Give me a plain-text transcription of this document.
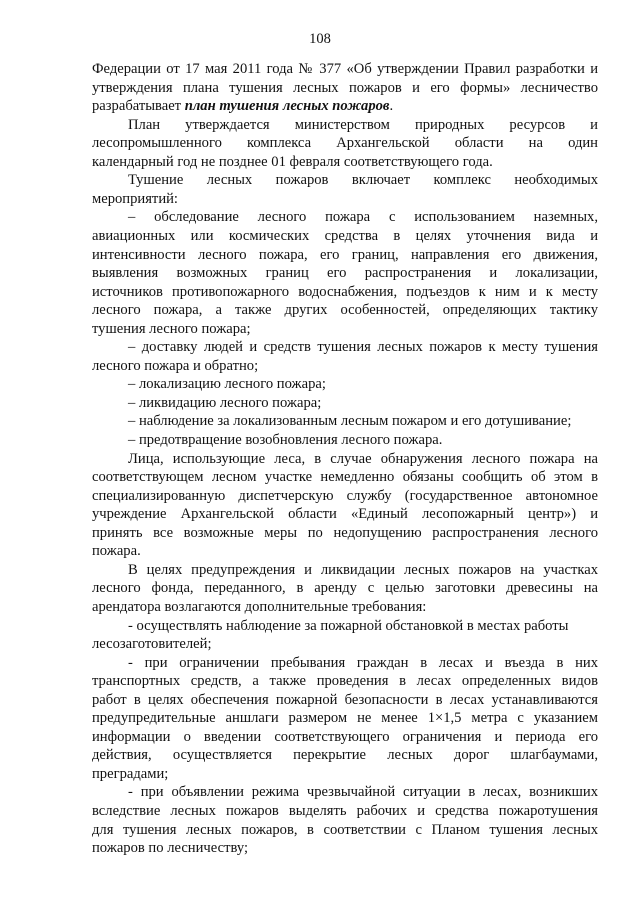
108
Федерации от 17 мая 2011 года № 377 «Об утверждении Правил разработки и
утверждения плана тушения лесных пожаров и его формы» лесничество
разрабатывает план тушения лесных пожаров.
План утверждается министерством природных ресурсов и
лесопромышленного комплекса Архангельской области на один
календарный год не позднее 01 февраля соответствующего года.
Тушение лесных пожаров включает комплекс необходимых
мероприятий:
– обследование лесного пожара с использованием наземных,
авиационных или космических средства в целях уточнения вида и
интенсивности лесного пожара, его границ, направления его движения,
выявления возможных границ его распространения и локализации,
источников противопожарного водоснабжения, подъездов к ним и к месту
лесного пожара, а также других особенностей, определяющих тактику
тушения лесного пожара;
– доставку людей и средств тушения лесных пожаров к месту тушения
лесного пожара и обратно;
– локализацию лесного пожара;
– ликвидацию лесного пожара;
– наблюдение за локализованным лесным пожаром и его дотушивание;
– предотвращение возобновления лесного пожара.
Лица, использующие леса, в случае обнаружения лесного пожара на
соответствующем лесном участке немедленно обязаны сообщить об этом в
специализированную диспетчерскую службу (государственное автономное
учреждение Архангельской области «Единый лесопожарный центр») и
принять все возможные меры по недопущению распространения лесного
пожара.
В целях предупреждения и ликвидации лесных пожаров на участках
лесного фонда, переданного, в аренду с целью заготовки древесины на
арендатора возлагаются дополнительные требования:
- осуществлять наблюдение за пожарной обстановкой в местах работы
лесозаготовителей;
- при ограничении пребывания граждан в лесах и въезда в них
транспортных средств, а также проведения в лесах определенных видов
работ в целях обеспечения пожарной безопасности в лесах устанавливаются
предупредительные аншлаги размером не менее 1×1,5 метра с указанием
информации о введении соответствующего ограничения и периода его
действия, осуществляется перекрытие лесных дорог шлагбаумами,
преградами;
- при объявлении режима чрезвычайной ситуации в лесах, возникших
вследствие лесных пожаров выделять рабочих и средства пожаротушения
для тушения лесных пожаров, в соответствии с Планом тушения лесных
пожаров по лесничеству;
